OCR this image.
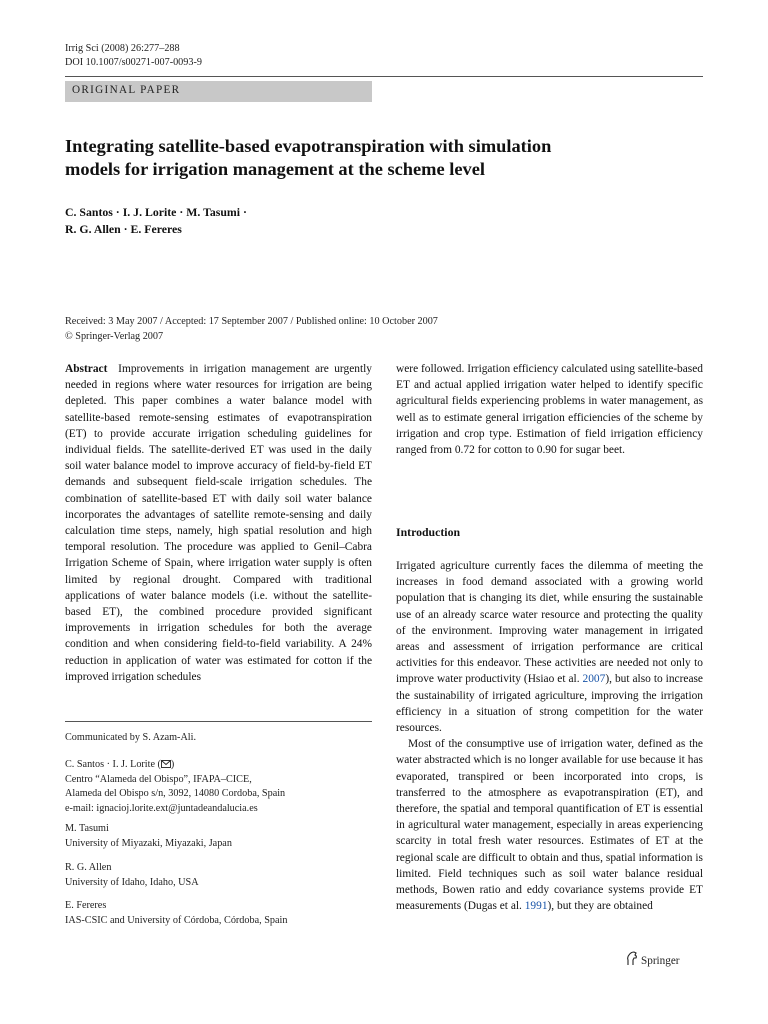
Irrig Sci (2008) 26:277–288
DOI 10.1007/s00271-007-0093-9
ORIGINAL PAPER
Integrating satellite-based evapotranspiration with simulation
models for irrigation management at the scheme level
C. Santos · I. J. Lorite · M. Tasumi ·
R. G. Allen · E. Fereres
Received: 3 May 2007 / Accepted: 17 September 2007 / Published online: 10 October 2007
© Springer-Verlag 2007

Abstract Improvements in irrigation management are urgently needed in regions where water resources for irrigation are being depleted. This paper combines a water balance model with satellite-based remote-sensing estimates of evapotranspiration (ET) to provide accurate irrigation scheduling guidelines for individual fields. The satellite-derived ET was used in the daily soil water balance model to improve accuracy of field-by-field ET demands and subsequent field-scale irrigation schedules. The combination of satellite-based ET with daily soil water balance incorporates the advantages of satellite remote-sensing and daily calculation time steps, namely, high spatial resolution and high temporal resolution. The procedure was applied to Genil–Cabra Irrigation Scheme of Spain, where irrigation water supply is often limited by regional drought. Compared with traditional applications of water balance models (i.e. without the satellite-based ET), the combined procedure provided significant improvements in irrigation schedules for both the average condition and when considering field-to-field variability. A 24% reduction in application of water was estimated for cotton if the improved irrigation schedules

Communicated by S. Azam-Ali.
C. Santos · I. J. Lorite ( )
Centro “Alameda del Obispo”, IFAPA–CICE,
Alameda del Obispo s/n, 3092, 14080 Cordoba, Spain
e-mail: ignacioj.lorite.ext@juntadeandalucia.es
M. Tasumi
University of Miyazaki, Miyazaki, Japan
R. G. Allen
University of Idaho, Idaho, USA
E. Fereres
IAS-CSIC and University of Córdoba, Córdoba, Spain

were followed. Irrigation efficiency calculated using satellite-based ET and actual applied irrigation water helped to identify specific agricultural fields experiencing problems in water management, as well as to estimate general irrigation efficiencies of the scheme by irrigation and crop type. Estimation of field irrigation efficiency ranged from 0.72 for cotton to 0.90 for sugar beet.

Introduction

Irrigated agriculture currently faces the dilemma of meeting the increases in food demand associated with a growing world population that is changing its diet, while ensuring the sustainable use of an already scarce water resource and protecting the quality of the environment. Improving water management in irrigated areas and assessment of irrigation performance are critical activities for this endeavor. These activities are needed not only to improve water productivity (Hsiao et al. 2007), but also to increase the sustainability of irrigated agriculture, improving the irrigation efficiency in a situation of strong competition for the water resources.

Most of the consumptive use of irrigation water, defined as the water abstracted which is no longer available for use because it has evaporated, transpired or been incorporated into crops, is transferred to the atmosphere as evapotranspiration (ET), and therefore, the spatial and temporal quantification of ET is essential in agricultural water management, especially in areas experiencing scarcity in total fresh water resources. Estimates of ET at the regional scale are difficult to obtain and thus, spatial information is limited. Field techniques such as soil water balance residual methods, Bowen ratio and eddy covariance systems provide ET measurements (Dugas et al. 1991), but they are obtained

Springer
